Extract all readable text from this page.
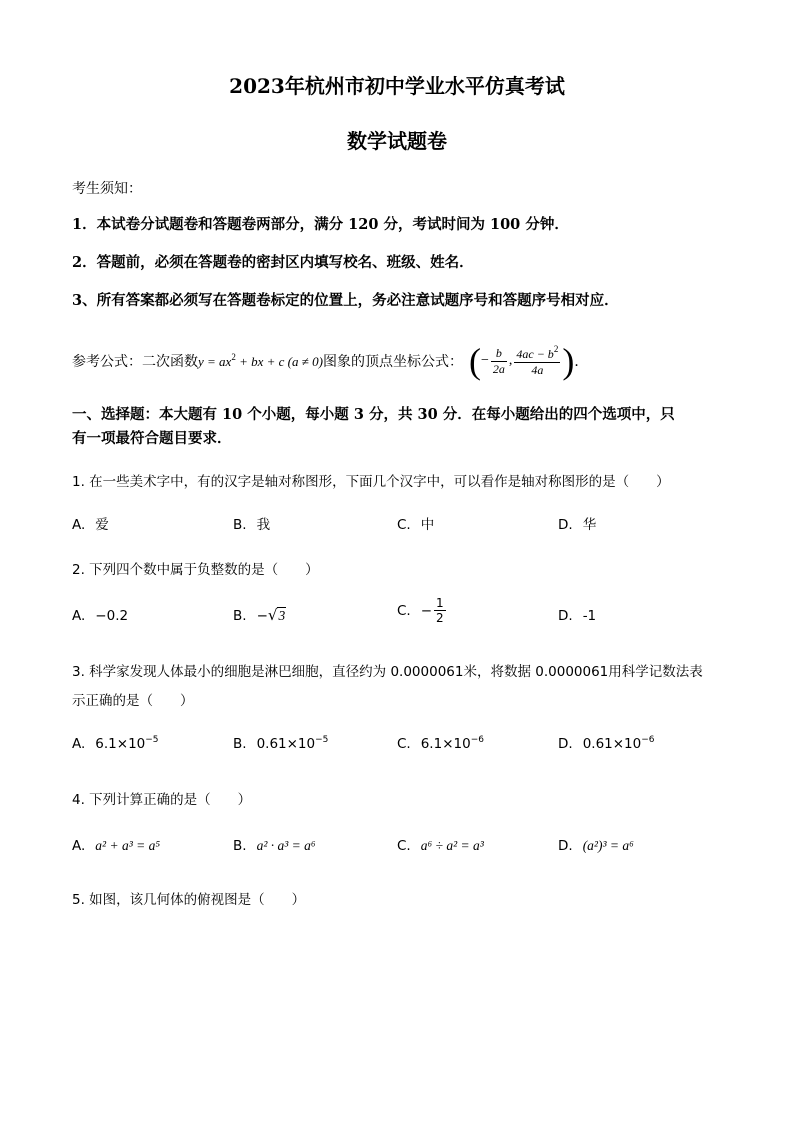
2023年杭州市初中学业水平仿真考试
数学试题卷
考生须知：
1．本试卷分试题卷和答题卷两部分，满分 120 分，考试时间为 100 分钟．
2．答题前，必须在答题卷的密封区内填写校名、班级、姓名．
3、所有答案都必须写在答题卷标定的位置上，务必注意试题序号和答题序号相对应．
参考公式：二次函数 $y = ax^2$ + bx + c (a ≠ 0) 图象的顶点坐标公式： ( − $\frac{b}{2a}$ , $\frac{4ac - b^2}{4a}$ ) ．
一、选择题：本大题有 10 个小题，每小题 3 分，共 30 分．在每小题给出的四个选项中，只
有一项最符合题目要求．
1. 在一些美术字中，有的汉字是轴对称图形，下面几个汉字中，可以看作是轴对称图形的是（　　）
A. 爱	B. 我	C. 中	D. 华
2. 下列四个数中属于负整数的是（　　）
A. −0.2	B. −√3	C. − $\frac{1}{2}$	D. -1
3. 科学家发现人体最小的细胞是淋巴细胞，直径约为 0.0000061米，将数据 0.0000061用科学记数法表
示正确的是（　　）
A. $6.1\times 10^{-5}$	B. $0.61\times 10^{-5}$	C. $6.1\times 10^{-6}$	D. $0.61\times 10^{-6}$
4. 下列计算正确的是（　　）
A. a² + a³ = a⁵	B. a² · a³ = a⁶	C. a⁶ ÷ a² = a³	D. (a²)³ = a⁶
5. 如图，该几何体的俯视图是（　　）
